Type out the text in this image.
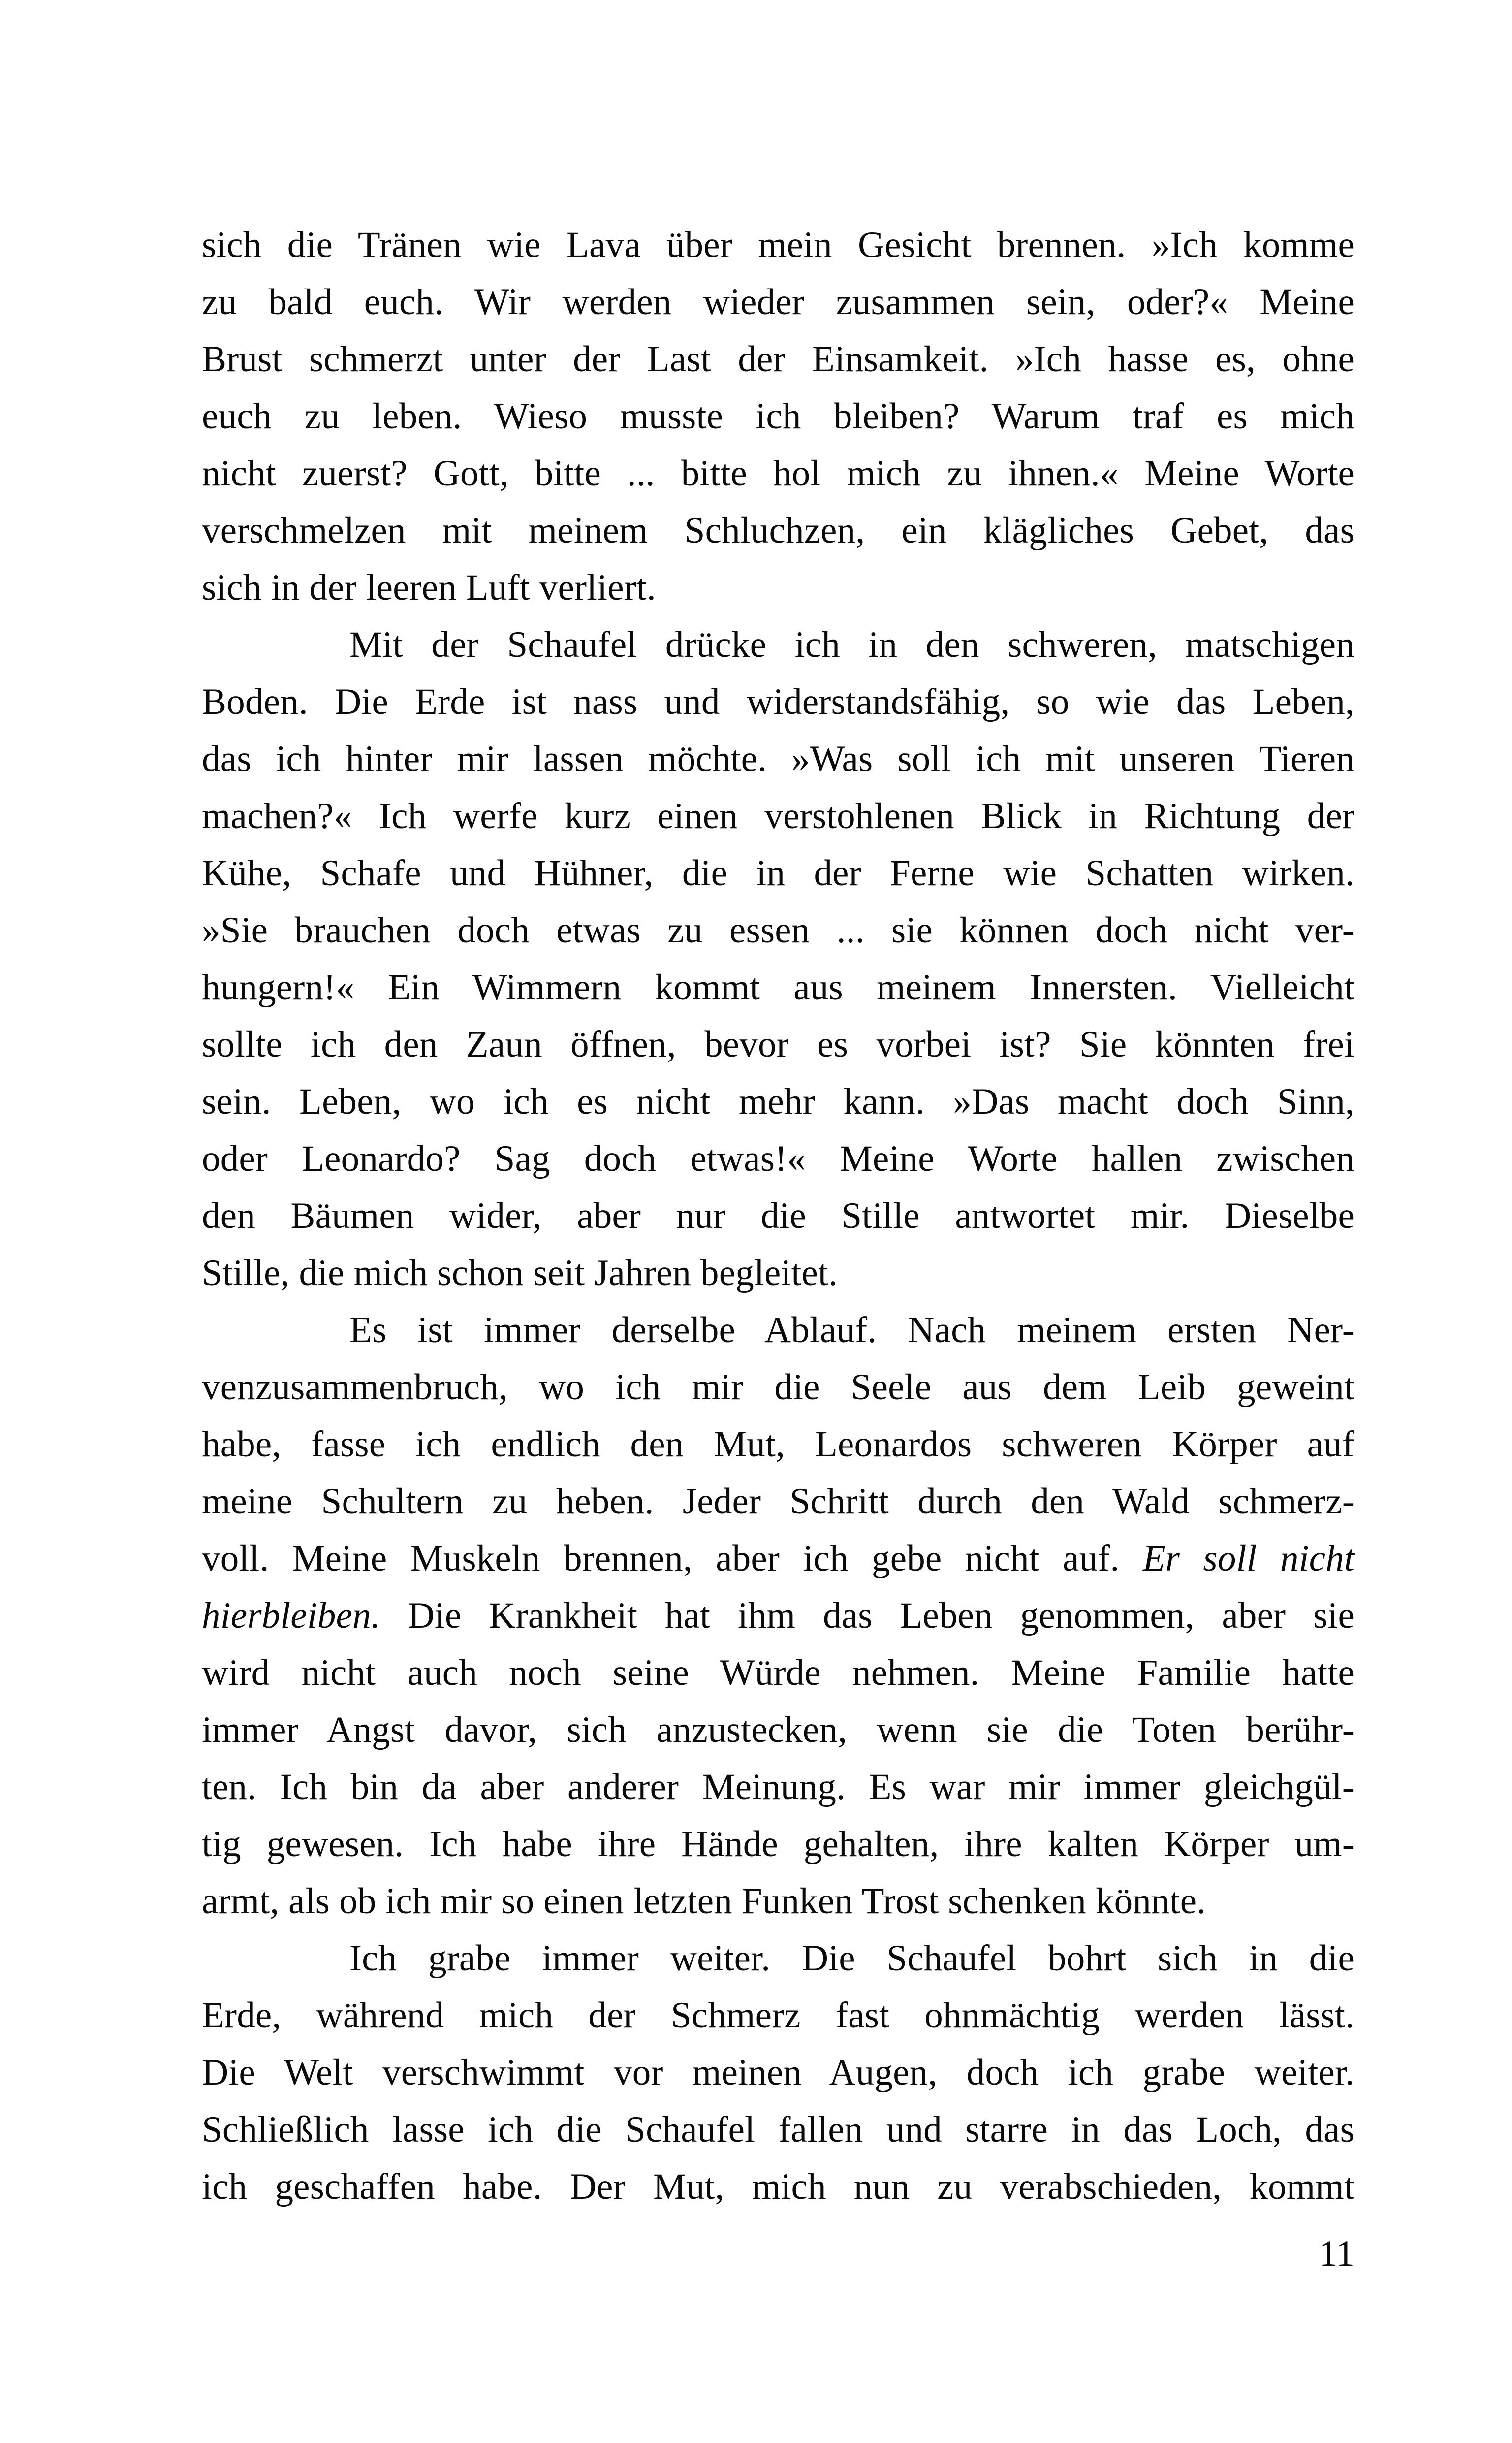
sich die Tränen wie Lava über mein Gesicht brennen. »Ich komme
zu bald euch. Wir werden wieder zusammen sein, oder?« Meine
Brust schmerzt unter der Last der Einsamkeit. »Ich hasse es, ohne
euch zu leben. Wieso musste ich bleiben? Warum traf es mich
nicht zuerst? Gott, bitte ... bitte hol mich zu ihnen.« Meine Worte
verschmelzen mit meinem Schluchzen, ein klägliches Gebet, das
sich in der leeren Luft verliert.
Mit der Schaufel drücke ich in den schweren, matschigen
Boden. Die Erde ist nass und widerstandsfähig, so wie das Leben,
das ich hinter mir lassen möchte. »Was soll ich mit unseren Tieren
machen?« Ich werfe kurz einen verstohlenen Blick in Richtung der
Kühe, Schafe und Hühner, die in der Ferne wie Schatten wirken.
»Sie brauchen doch etwas zu essen ... sie können doch nicht ver-
hungern!« Ein Wimmern kommt aus meinem Innersten. Vielleicht
sollte ich den Zaun öffnen, bevor es vorbei ist? Sie könnten frei
sein. Leben, wo ich es nicht mehr kann. »Das macht doch Sinn,
oder Leonardo? Sag doch etwas!« Meine Worte hallen zwischen
den Bäumen wider, aber nur die Stille antwortet mir. Dieselbe
Stille, die mich schon seit Jahren begleitet.
Es ist immer derselbe Ablauf. Nach meinem ersten Ner-
venzusammenbruch, wo ich mir die Seele aus dem Leib geweint
habe, fasse ich endlich den Mut, Leonardos schweren Körper auf
meine Schultern zu heben. Jeder Schritt durch den Wald schmerz-
voll. Meine Muskeln brennen, aber ich gebe nicht auf. Er soll nicht
hierbleiben. Die Krankheit hat ihm das Leben genommen, aber sie
wird nicht auch noch seine Würde nehmen. Meine Familie hatte
immer Angst davor, sich anzustecken, wenn sie die Toten berühr-
ten. Ich bin da aber anderer Meinung. Es war mir immer gleichgül-
tig gewesen. Ich habe ihre Hände gehalten, ihre kalten Körper um-
armt, als ob ich mir so einen letzten Funken Trost schenken könnte.
Ich grabe immer weiter. Die Schaufel bohrt sich in die
Erde, während mich der Schmerz fast ohnmächtig werden lässt.
Die Welt verschwimmt vor meinen Augen, doch ich grabe weiter.
Schließlich lasse ich die Schaufel fallen und starre in das Loch, das
ich geschaffen habe. Der Mut, mich nun zu verabschieden, kommt
11
